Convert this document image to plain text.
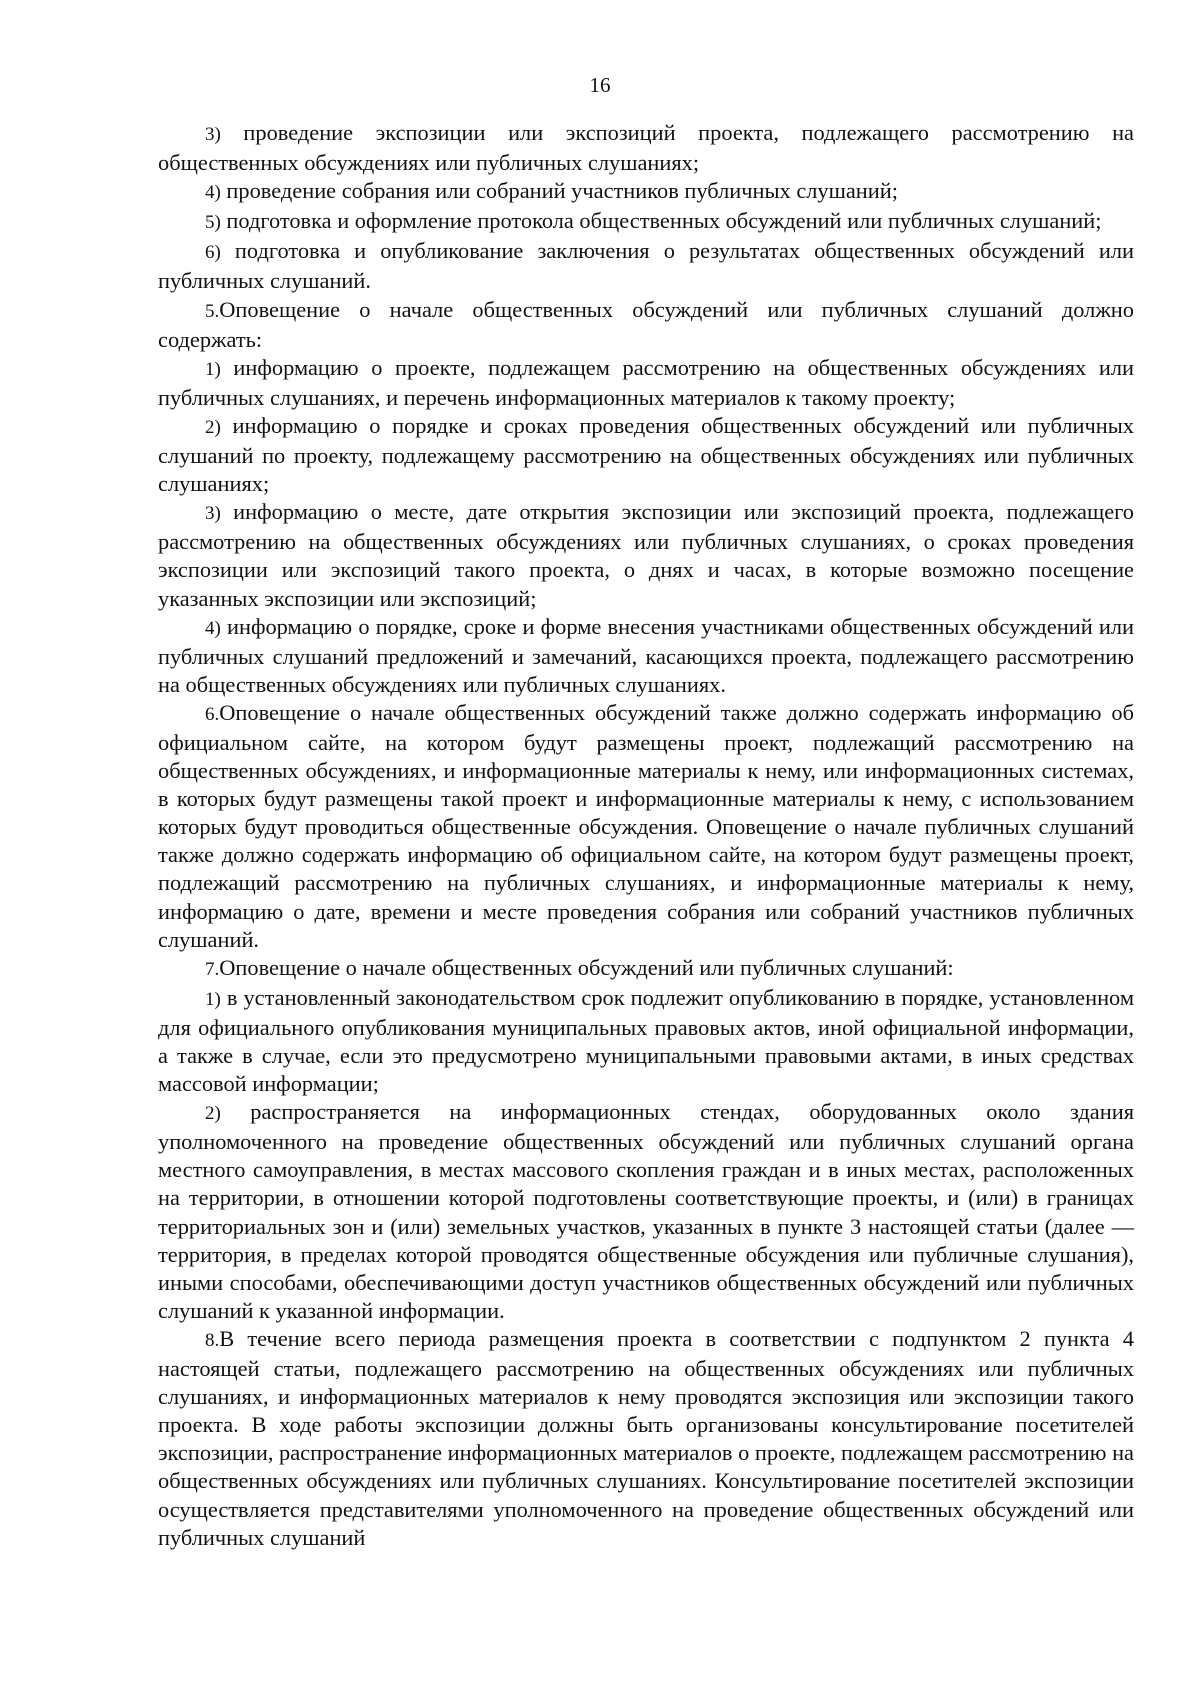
16

3) проведение экспозиции или экспозиций проекта, подлежащего рассмотрению на общественных обсуждениях или публичных слушаниях;

4) проведение собрания или собраний участников публичных слушаний;

5) подготовка и оформление протокола общественных обсуждений или публичных слушаний;

6) подготовка и опубликование заключения о результатах общественных обсуждений или публичных слушаний.

5.Оповещение о начале общественных обсуждений или публичных слушаний должно содержать:

1) информацию о проекте, подлежащем рассмотрению на общественных обсуждениях или публичных слушаниях, и перечень информационных материалов к такому проекту;

2) информацию о порядке и сроках проведения общественных обсуждений или публичных слушаний по проекту, подлежащему рассмотрению на общественных обсуждениях или публичных слушаниях;

3) информацию о месте, дате открытия экспозиции или экспозиций проекта, подлежащего рассмотрению на общественных обсуждениях или публичных слушаниях, о сроках проведения экспозиции или экспозиций такого проекта, о днях и часах, в которые возможно посещение указанных экспозиции или экспозиций;

4) информацию о порядке, сроке и форме внесения участниками общественных обсуждений или публичных слушаний предложений и замечаний, касающихся проекта, подлежащего рассмотрению на общественных обсуждениях или публичных слушаниях.

6.Оповещение о начале общественных обсуждений также должно содержать информацию об официальном сайте, на котором будут размещены проект, подлежащий рассмотрению на общественных обсуждениях, и информационные материалы к нему, или информационных системах, в которых будут размещены такой проект и информационные материалы к нему, с использованием которых будут проводиться общественные обсуждения. Оповещение о начале публичных слушаний также должно содержать информацию об официальном сайте, на котором будут размещены проект, подлежащий рассмотрению на публичных слушаниях, и информационные материалы к нему, информацию о дате, времени и месте проведения собрания или собраний участников публичных слушаний.

7.Оповещение о начале общественных обсуждений или публичных слушаний:

1) в установленный законодательством срок подлежит опубликованию в порядке, установленном для официального опубликования муниципальных правовых актов, иной официальной информации, а также в случае, если это предусмотрено муниципальными правовыми актами, в иных средствах массовой информации;

2) распространяется на информационных стендах, оборудованных около здания уполномоченного на проведение общественных обсуждений или публичных слушаний органа местного самоуправления, в местах массового скопления граждан и в иных местах, расположенных на территории, в отношении которой подготовлены соответствующие проекты, и (или) в границах территориальных зон и (или) земельных участков, указанных в пункте 3 настоящей статьи (далее — территория, в пределах которой проводятся общественные обсуждения или публичные слушания), иными способами, обеспечивающими доступ участников общественных обсуждений или публичных слушаний к указанной информации.

8.В течение всего периода размещения проекта в соответствии с подпунктом 2 пункта 4 настоящей статьи, подлежащего рассмотрению на общественных обсуждениях или публичных слушаниях, и информационных материалов к нему проводятся экспозиция или экспозиции такого проекта. В ходе работы экспозиции должны быть организованы консультирование посетителей экспозиции, распространение информационных материалов о проекте, подлежащем рассмотрению на общественных обсуждениях или публичных слушаниях. Консультирование посетителей экспозиции осуществляется представителями уполномоченного на проведение общественных обсуждений или публичных слушаний
